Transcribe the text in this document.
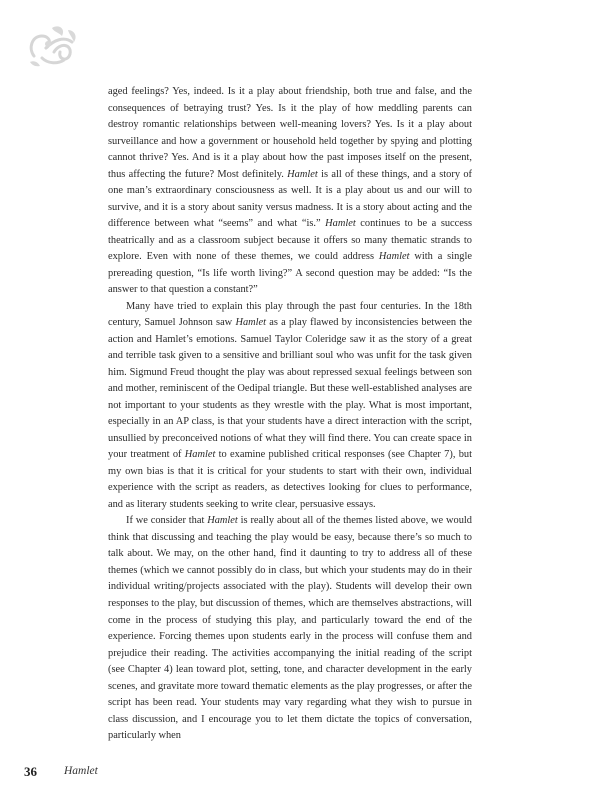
aged feelings? Yes, indeed. Is it a play about friendship, both true and false, and the consequences of betraying trust? Yes. Is it the play of how meddling parents can destroy romantic relationships between well-meaning lovers? Yes. Is it a play about surveillance and how a government or household held together by spying and plotting cannot thrive? Yes. And is it a play about how the past imposes itself on the present, thus affecting the future? Most definitely. Hamlet is all of these things, and a story of one man’s extraordinary consciousness as well. It is a play about us and our will to survive, and it is a story about sanity versus madness. It is a story about acting and the difference between what “seems” and what “is.” Hamlet continues to be a success theatrically and as a classroom subject because it offers so many thematic strands to explore. Even with none of these themes, we could address Hamlet with a single prereading question, “Is life worth living?” A second question may be added: “Is the answer to that question a constant?”

Many have tried to explain this play through the past four centuries. In the 18th century, Samuel Johnson saw Hamlet as a play flawed by inconsistencies between the action and Hamlet’s emotions. Samuel Taylor Coleridge saw it as the story of a great and terrible task given to a sensitive and brilliant soul who was unfit for the task given him. Sigmund Freud thought the play was about repressed sexual feelings between son and mother, reminiscent of the Oedipal triangle. But these well-established analyses are not important to your students as they wrestle with the play. What is most important, especially in an AP class, is that your students have a direct interaction with the script, unsullied by preconceived notions of what they will find there. You can create space in your treatment of Hamlet to examine published critical responses (see Chapter 7), but my own bias is that it is critical for your students to start with their own, individual experience with the script as readers, as detectives looking for clues to performance, and as literary students seeking to write clear, persuasive essays.

If we consider that Hamlet is really about all of the themes listed above, we would think that discussing and teaching the play would be easy, because there’s so much to talk about. We may, on the other hand, find it daunting to try to address all of these themes (which we cannot possibly do in class, but which your students may do in their individual writing/projects associated with the play). Students will develop their own responses to the play, but discussion of themes, which are themselves abstractions, will come in the process of studying this play, and particularly toward the end of the experience. Forcing themes upon students early in the process will confuse them and prejudice their reading. The activities accompanying the initial reading of the script (see Chapter 4) lean toward plot, setting, tone, and character development in the early scenes, and gravitate more toward thematic elements as the play progresses, or after the script has been read. Your students may vary regarding what they wish to pursue in class discussion, and I encourage you to let them dictate the topics of conversation, particularly when

36 Hamlet
